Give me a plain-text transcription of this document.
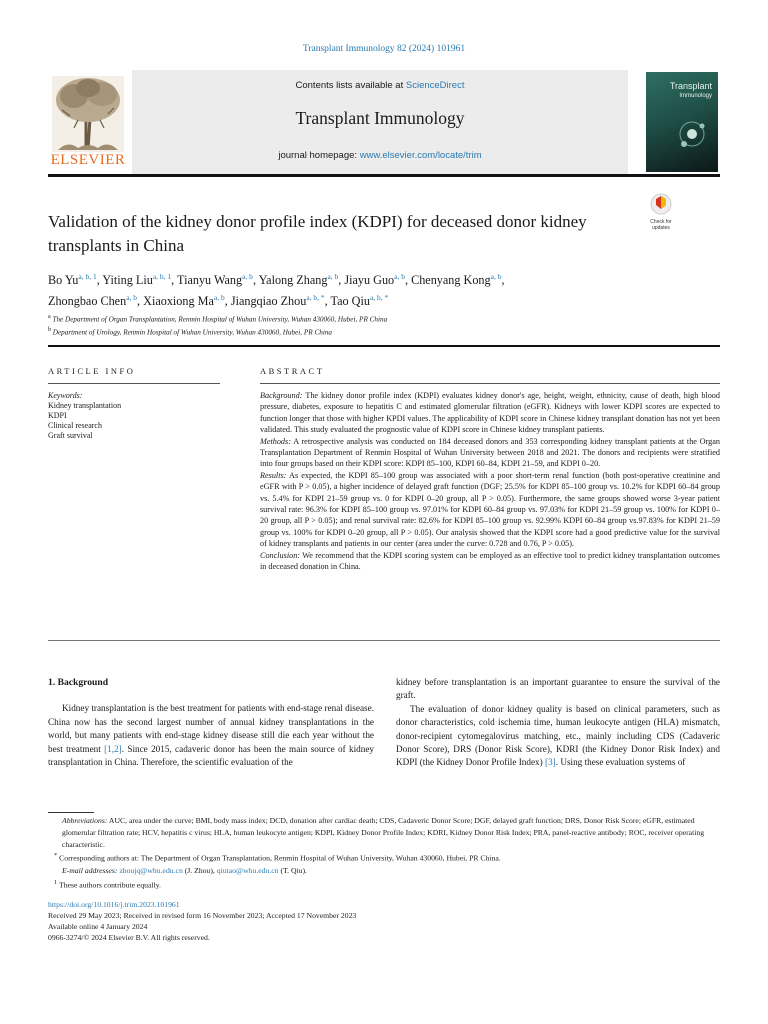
Transplant Immunology 82 (2024) 101961
ELSEVIER
Contents lists available at ScienceDirect
Transplant Immunology
journal homepage: www.elsevier.com/locate/trim
Transplant
Immunology
Validation of the kidney donor profile index (KDPI) for deceased donor kidney transplants in China
Check for
updates
Bo Yu$^{a, b, 1}$, Yiting Liu$^{a, b, 1}$, Tianyu Wang$^{a, b}$, Yalong Zhang$^{a, b}$, Jiayu Guo$^{a, b}$, Chenyang Kong$^{a, b}$,
Zhongbao Chen$^{a, b}$, Xiaoxiong Ma$^{a, b}$, Jiangqiao Zhou$^{a, b, *}$, Tao Qiu$^{a, b, *}$
$^a$ The Department of Organ Transplantation, Renmin Hospital of Wuhan University, Wuhan 430060, Hubei, PR China
$^b$ Department of Urology, Renmin Hospital of Wuhan University, Wuhan 430060, Hubei, PR China
ARTICLE INFO
Keywords:
Kidney transplantation
KDPI
Clinical research
Graft survival
ABSTRACT

Background: The kidney donor profile index (KDPI) evaluates kidney donor's age, height, weight, ethnicity, cause of death, high blood pressure, diabetes, exposure to hepatitis C and estimated glomerular filtration (eGFR). Kidneys with lower KDPI scores are expected to function longer that those with higher KPDI values. The applicability of KDPI score in Chinese kidney transplant donation has not yet been validated. This study evaluated the prognostic value of KDPI score in Chinese kidney transplant patients.

Methods: A retrospective analysis was conducted on 184 deceased donors and 353 corresponding kidney transplant patients at the Organ Transplantation Department of Renmin Hospital of Wuhan University between 2018 and 2021. The donors and recipients were stratified into four groups based on their KDPI score: KDPI 85–100, KDPI 60–84, KDPI 21–59, and KDPI 0–20.

Results: As expected, the KDPI 85–100 group was associated with a poor short-term renal function (both post-operative creatinine and eGFR with P > 0.05), a higher incidence of delayed graft function (DGF; 25.5% for KDPI 85–100 group vs. 10.2% for KDPI 60–84 group vs. 5.4% for KDPI 21–59 group vs. 0 for KDPI 0–20 group, all P > 0.05). Furthermore, the same groups showed worse 3-year patient survival rate: 96.3% for KDPI 85–100 group vs. 97.01% for KDPI 60–84 group vs. 97.03% for KDPI 21–59 group vs. 100% for KDPI 0–20 group, all P > 0.05); and renal survival rate: 82.6% for KDPI 85–100 group vs. 92.99% KDPI 60–84 group vs.97.83% for KDPI 21–59 group vs. 100% for KDPI 0–20 group, all P > 0.05). Our analysis showed that the KDPI score had a good predictive value for the survival of kidney transplants and patients in our center (area under the curve: 0.728 and 0.76, P > 0.05).

Conclusion: We recommend that the KDPI scoring system can be employed as an effective tool to predict kidney transplantation outcomes in deceased donation in China.

1. Background

Kidney transplantation is the best treatment for patients with end-stage renal disease. China now has the second largest number of annual kidney transplantations in the world, but many patients with end-stage kidney disease still die each year without the best treatment [1,2]. Since 2015, cadaveric donor has been the main source of kidney transplantation in China. Therefore, the scientific evaluation of the

kidney before transplantation is an important guarantee to ensure the survival of the graft.

The evaluation of donor kidney quality is based on clinical parameters, such as donor characteristics, cold ischemia time, human leukocyte antigen (HLA) mismatch, donor-recipient cytomegalovirus matching, etc., mainly including CDS (Cadaveric Donor Score), DRS (Donor Risk Score), KDRI (the Kidney Donor Risk Index) and KDPI (the Kidney Donor Profile Index) [3]. Using these evaluation systems of

Abbreviations: AUC, area under the curve; BMI, body mass index; DCD, donation after cardiac death; CDS, Cadaveric Donor Score; DGF, delayed graft function; DRS, Donor Risk Score; eGFR, estimated glomerular filtration rate; HCV, hepatitis c virus; HLA, human leukocyte antigen; KDPI, Kidney Donor Profile Index; KDRI, Kidney Donor Risk Index; PRA, panel-reactive antibody; ROC, receiver operating characteristic.

* Corresponding authors at: The Department of Organ Transplantation, Renmin Hospital of Wuhan University, Wuhan 430060, Hubei, PR China.

E-mail addresses: zhoujq@whu.edu.cn (J. Zhou), qiutao@whu.edu.cn (T. Qiu).

$^1$ These authors contribute equally.

https://doi.org/10.1016/j.trim.2023.101961

Received 29 May 2023; Received in revised form 16 November 2023; Accepted 17 November 2023

Available online 4 January 2024

0966-3274/© 2024 Elsevier B.V. All rights reserved.
